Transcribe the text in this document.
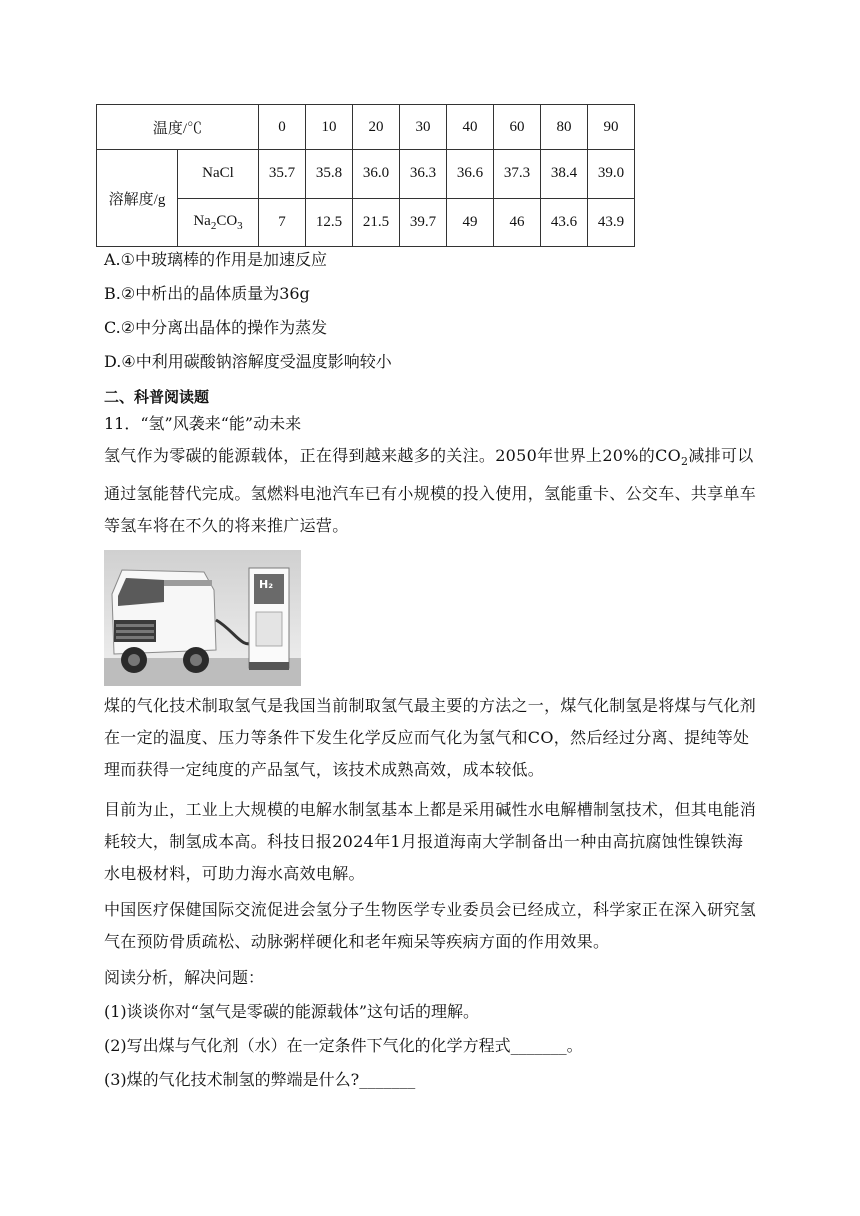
温度/℃		0	10	20	30	40	60	80	90
溶解度/g	NaCl	35.7	35.8	36.0	36.3	36.6	37.3	38.4	39.0
	$Na_2CO_3$	7	12.5	21.5	39.7	49	46	43.6	43.9
A.①中玻璃棒的作用是加速反应
B.②中析出的晶体质量为36g
C.②中分离出晶体的操作为蒸发
D.④中利用碳酸钠溶解度受温度影响较小
二、科普阅读题
11．“氢”风袭来“能”动未来
氢气作为零碳的能源载体，正在得到越来越多的关注。2050年世界上20%的$CO_2$减排可以通过氢能替代完成。氢燃料电池汽车已有小规模的投入使用，氢能重卡、公交车、共享单车等氢车将在不久的将来推广运营。
H₂
煤的气化技术制取氢气是我国当前制取氢气最主要的方法之一，煤气化制氢是将煤与气化剂在一定的温度、压力等条件下发生化学反应而气化为氢气和CO，然后经过分离、提纯等处理而获得一定纯度的产品氢气，该技术成熟高效，成本较低。
目前为止，工业上大规模的电解水制氢基本上都是采用碱性水电解槽制氢技术，但其电能消耗较大，制氢成本高。科技日报2024年1月报道海南大学制备出一种由高抗腐蚀性镍铁海水电极材料，可助力海水高效电解。
中国医疗保健国际交流促进会氢分子生物医学专业委员会已经成立，科学家正在深入研究氢气在预防骨质疏松、动脉粥样硬化和老年痴呆等疾病方面的作用效果。
阅读分析，解决问题：
(1)谈谈你对“氢气是零碳的能源载体”这句话的理解。
(2)写出煤与气化剂（水）在一定条件下气化的化学方程式_______。
(3)煤的气化技术制氢的弊端是什么?_______
